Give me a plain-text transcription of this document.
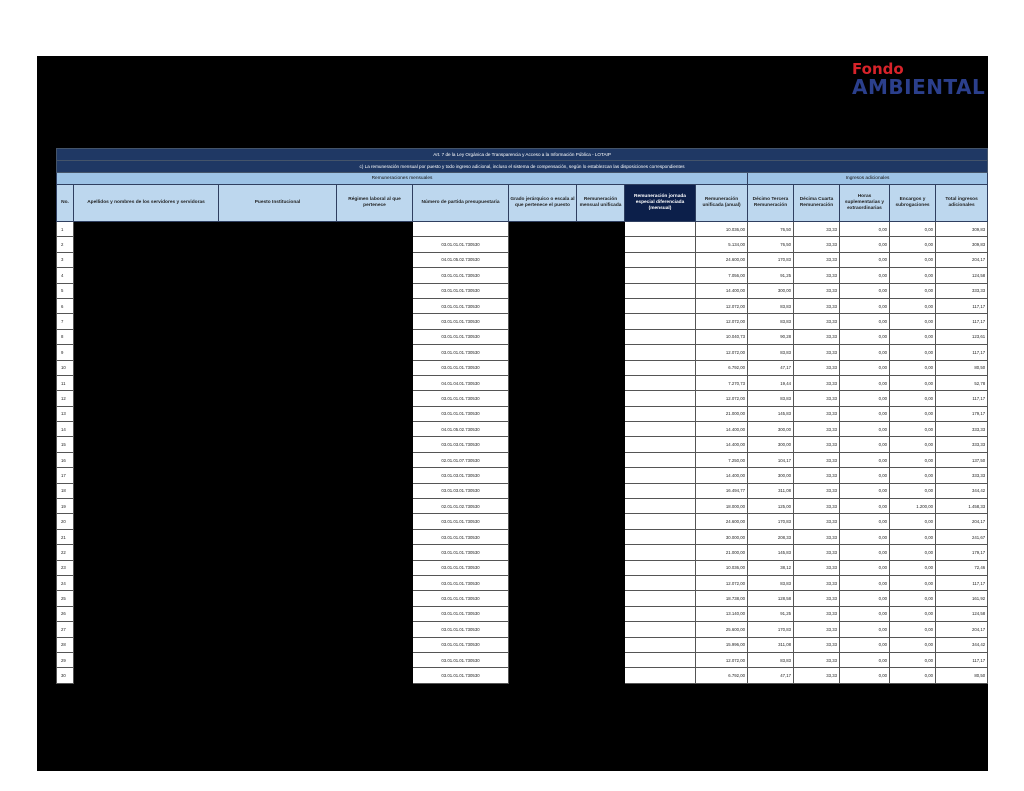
Fondo
AMBIENTAL
Art. 7 de la Ley Orgánica de Transparencia y Acceso a la Información Pública - LOTAIP													
c) La remuneración mensual por puesto y todo ingreso adicional, incluso el sistema de compensación, según lo establezcan las disposiciones correspondientes													
Remuneraciones mensuales									Ingresos adicionales				
No.	Apellidos y nombres de los servidores y servidoras	Puesto Institucional	Régimen laboral al que pertenece	Número de partida presupuestaria	Grado jerárquico o escala al que pertenece el puesto	Remuneración mensual unificada	Remuneración jornada especial diferenciada (mensual)	Remuneración unificada (anual)	Décimo Tercera Remuneración	Décima Cuarta Remuneración	Horas suplementarias y extraordinarias	Encargos y subrogaciones	Total ingresos adicionales
1								10.036,00	76,50	33,33	0,00	0,00	309,83
2				03.01.01.01.730530				5.134,00	76,50	33,33	0,00	0,00	309,83
3				04.01.05.02.730530				24.600,00	170,83	33,33	0,00	0,00	204,17
4				03.01.01.01.730530				7.056,00	91,25	33,33	0,00	0,00	124,58
5				03.01.01.01.730530				14.400,00	300,00	33,33	0,00	0,00	333,33
6				03.01.01.01.730530				12.072,00	83,83	33,33	0,00	0,00	117,17
7				03.01.01.01.730530				12.072,00	83,83	33,33	0,00	0,00	117,17
8				03.01.01.01.730530				10.040,73	90,28	33,33	0,00	0,00	123,61
9				03.01.01.01.730530				12.072,00	83,83	33,33	0,00	0,00	117,17
10				03.01.01.01.730530				6.792,00	47,17	33,33	0,00	0,00	80,50
11				04.01.04.01.730530				7.270,73	19,44	33,33	0,00	0,00	52,78
12				03.01.01.01.730530				12.072,00	83,83	33,33	0,00	0,00	117,17
13				03.01.01.01.730530				21.000,00	145,83	33,33	0,00	0,00	179,17
14				04.01.05.02.730530				14.400,00	300,00	33,33	0,00	0,00	333,33
15				03.01.03.01.730530				14.400,00	300,00	33,33	0,00	0,00	333,33
16				02.01.01.07.730530				7.250,00	104,17	33,33	0,00	0,00	137,50
17				03.01.03.01.730530				14.400,00	300,00	33,33	0,00	0,00	333,33
18				03.01.03.01.730530				16.494,77	311,08	33,33	0,00	0,00	344,42
19				02.01.01.02.730530				18.000,00	125,00	33,33	0,00	1.200,00	1.458,33
20				03.01.01.01.730530				24.600,00	170,83	33,33	0,00	0,00	204,17
21				03.01.01.01.730530				30.000,00	208,33	33,33	0,00	0,00	241,67
22				03.01.01.01.730530				21.000,00	145,83	33,33	0,00	0,00	179,17
23				03.01.01.01.730530				10.036,00	38,12	33,33	0,00	0,00	72,46
24				03.01.01.01.730530				12.072,00	83,83	33,33	0,00	0,00	117,17
25				03.01.01.01.730530				18.738,00	128,58	33,33	0,00	0,00	161,92
26				03.01.01.01.730530				13.140,00	91,25	33,33	0,00	0,00	124,58
27				03.01.01.01.730530				25.600,00	170,83	33,33	0,00	0,00	204,17
28				03.01.01.01.730530				15.996,00	311,08	33,33	0,00	0,00	344,42
29				03.01.01.01.730530				12.072,00	83,83	33,33	0,00	0,00	117,17
30				03.01.01.01.730530				6.792,00	47,17	33,33	0,00	0,00	80,50
